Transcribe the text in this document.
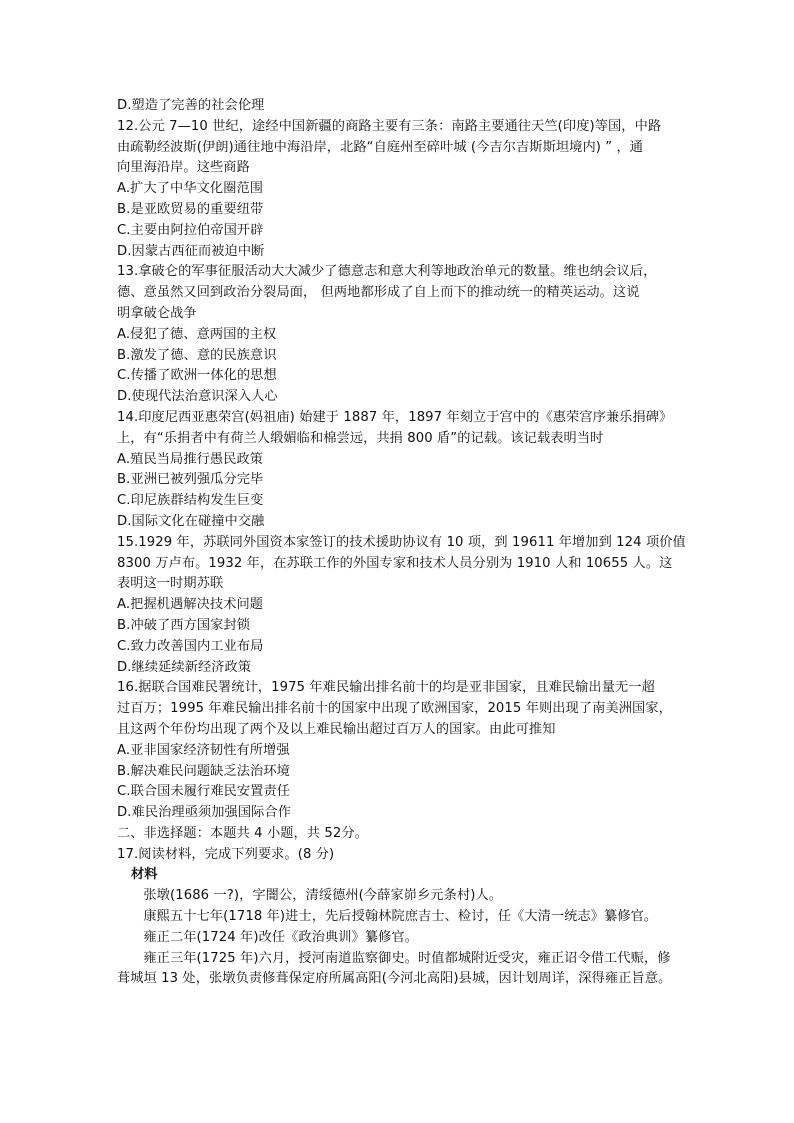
D.塑造了完善的社会伦理
12.公元 7—10 世纪，途经中国新疆的商路主要有三条：南路主要通往天竺(印度)等国，中路
由疏勒经波斯(伊朗)通往地中海沿岸，北路“自庭州至碎叶城 (今吉尔吉斯斯坦境内) ” ，通
向里海沿岸。这些商路
A.扩大了中华文化圈范围
B.是亚欧贸易的重要纽带
C.主要由阿拉伯帝国开辟
D.因蒙古西征而被迫中断
13.拿破仑的军事征服活动大大减少了德意志和意大利等地政治单元的数量。维也纳会议后，
德、意虽然又回到政治分裂局面， 但两地都形成了自上而下的推动统一的精英运动。这说
明拿破仑战争
A.侵犯了德、意两国的主权
B.激发了德、意的民族意识
C.传播了欧洲一体化的思想
D.使现代法治意识深入人心
14.印度尼西亚惠荣宫(妈祖庙) 始建于 1887 年，1897 年刻立于宫中的《惠荣宫序兼乐捐碑》
上，有“乐捐者中有荷兰人缎媚临和棉尝远，共捐 800 盾”的记载。该记载表明当时
A.殖民当局推行愚民政策
B.亚洲已被列强瓜分完毕
C.印尼族群结构发生巨变
D.国际文化在碰撞中交融
15.1929 年，苏联同外国资本家签订的技术援助协议有 10 项，到 19611 年增加到 124 项价值
8300 万卢布。1932 年，在苏联工作的外国专家和技术人员分别为 1910 人和 10655 人。这
表明这一时期苏联
A.把握机遇解决技术问题
B.冲破了西方国家封锁
C.致力改善国内工业布局
D.继续延续新经济政策
16.据联合国难民署统计，1975 年难民输出排名前十的均是亚非国家，且难民输出量无一超
过百万；1995 年难民输出排名前十的国家中出现了欧洲国家，2015 年则出现了南美洲国家，
且这两个年份均出现了两个及以上难民输出超过百万人的国家。由此可推知
A.亚非国家经济韧性有所增强
B.解决难民问题缺乏法治环境
C.联合国未履行难民安置责任
D.难民治理亟须加强国际合作
二、非选择题：本题共 4 小题，共 52分。
17.阅读材料，完成下列要求。(8 分)
材料
张墩(1686 一?)，字闇公，清绥德州(今薛家峁乡元条村)人。
康熙五十七年(1718 年)进士，先后授翰林院庶吉士、检讨，任《大清一统志》纂修官。
雍正二年(1724 年)改任《政治典训》纂修官。
雍正三年(1725 年)六月，授河南道监察御史。时值都城附近受灾，雍正诏令借工代赈，修葺城垣 13 处，张墩负责修葺保定府所属高阳(今河北高阳)县城，因计划周详，深得雍正旨意。
